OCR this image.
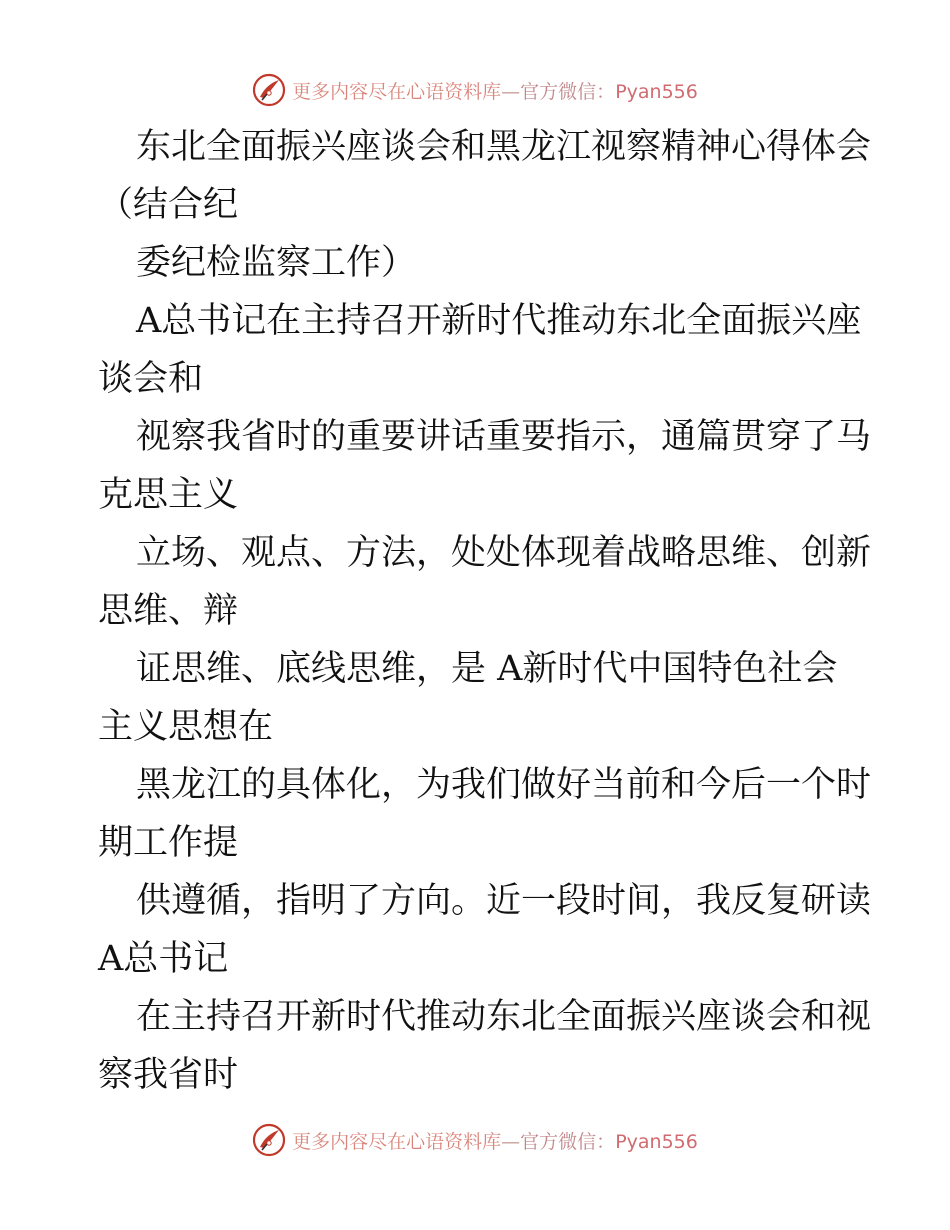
更多内容尽在心语资料库—官方微信：Pyan556
东北全面振兴座谈会和黑龙江视察精神心得体会
（结合纪
委纪检监察工作）
A总书记在主持召开新时代推动东北全面振兴座
谈会和
视察我省时的重要讲话重要指示，通篇贯穿了马
克思主义
立场、观点、方法，处处体现着战略思维、创新
思维、辩
证思维、底线思维，是 A新时代中国特色社会
主义思想在
黑龙江的具体化，为我们做好当前和今后一个时
期工作提
供遵循，指明了方向。近一段时间，我反复研读
A总书记
在主持召开新时代推动东北全面振兴座谈会和视
察我省时
更多内容尽在心语资料库—官方微信：Pyan556
